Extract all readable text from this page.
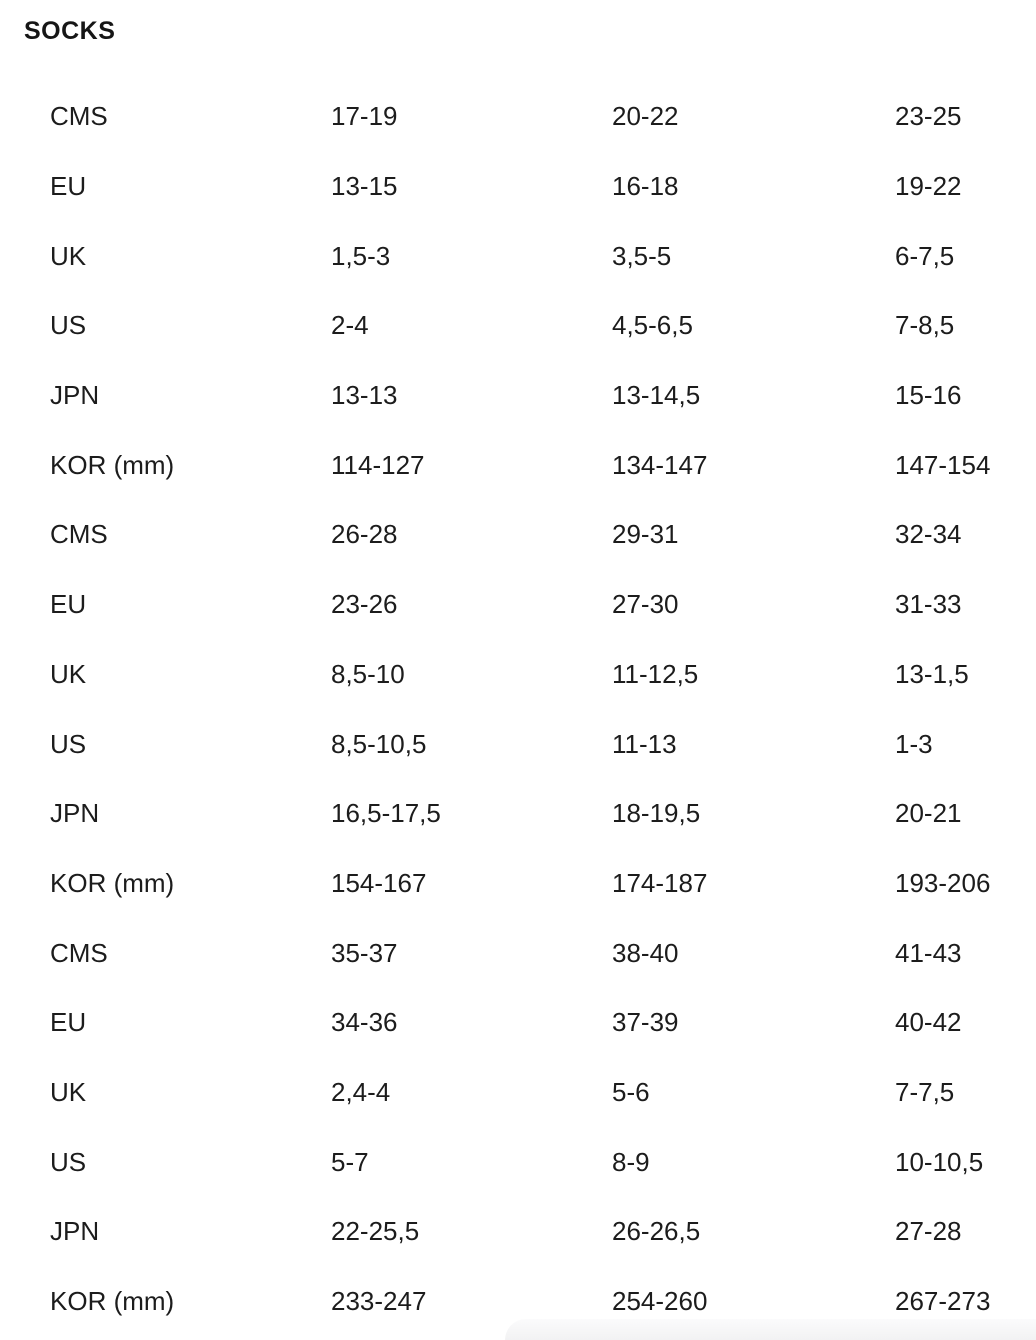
SOCKS
CMS	17-19	20-22	23-25
EU	13-15	16-18	19-22
UK	1,5-3	3,5-5	6-7,5
US	2-4	4,5-6,5	7-8,5
JPN	13-13	13-14,5	15-16
KOR (mm)	114-127	134-147	147-154
CMS	26-28	29-31	32-34
EU	23-26	27-30	31-33
UK	8,5-10	11-12,5	13-1,5
US	8,5-10,5	11-13	1-3
JPN	16,5-17,5	18-19,5	20-21
KOR (mm)	154-167	174-187	193-206
CMS	35-37	38-40	41-43
EU	34-36	37-39	40-42
UK	2,4-4	5-6	7-7,5
US	5-7	8-9	10-10,5
JPN	22-25,5	26-26,5	27-28
KOR (mm)	233-247	254-260	267-273
